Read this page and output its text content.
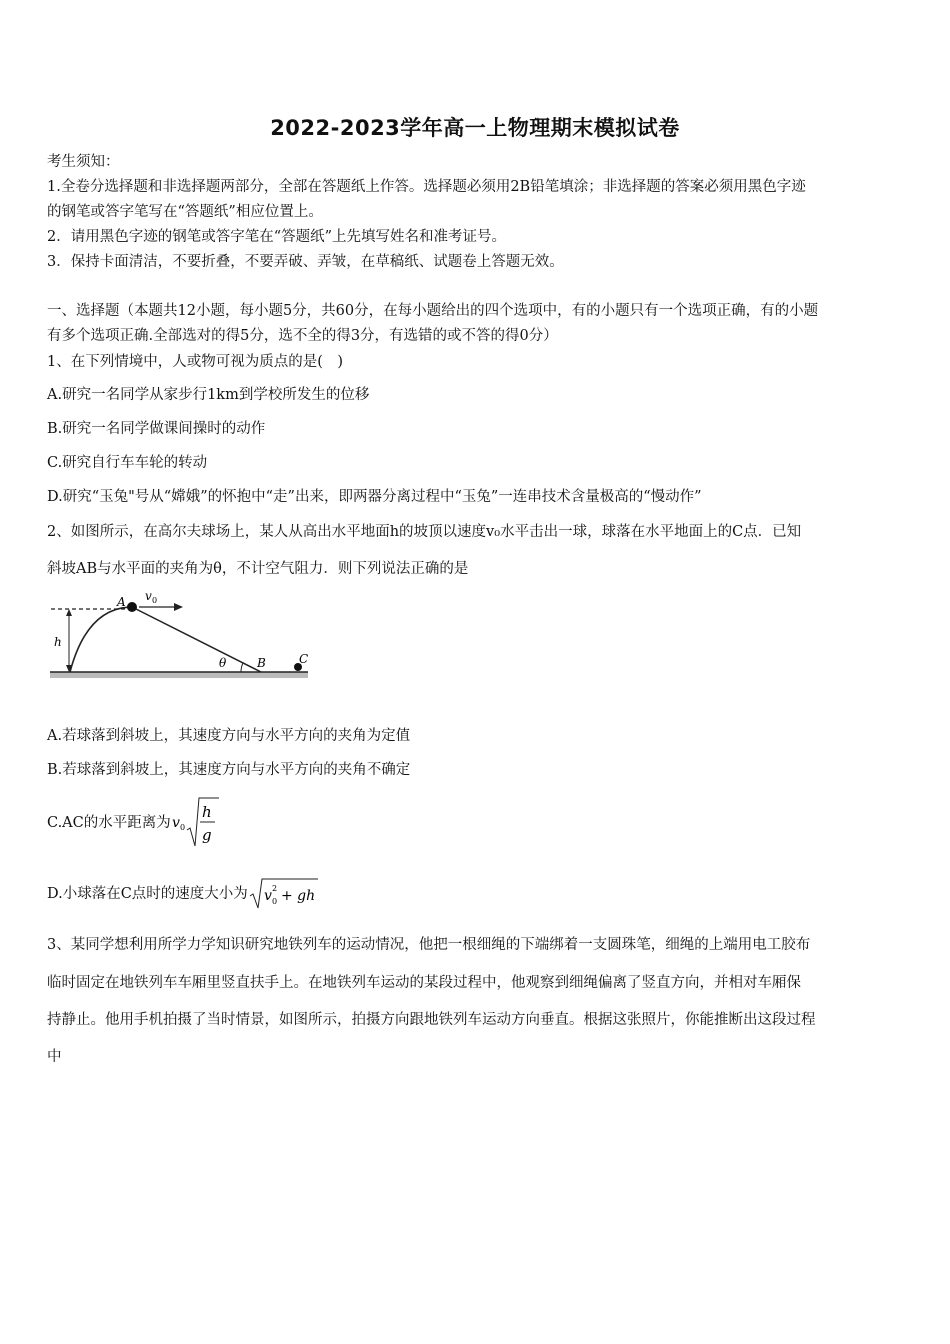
2022-2023学年高一上物理期末模拟试卷
考生须知：
1.全卷分选择题和非选择题两部分，全部在答题纸上作答。选择题必须用2B铅笔填涂；非选择题的答案必须用黑色字迹
的钢笔或答字笔写在“答题纸”相应位置上。
2．请用黑色字迹的钢笔或答字笔在“答题纸”上先填写姓名和准考证号。
3．保持卡面清洁，不要折叠，不要弄破、弄皱，在草稿纸、试题卷上答题无效。
一、选择题（本题共12小题，每小题5分，共60分，在每小题给出的四个选项中，有的小题只有一个选项正确，有的小题
有多个选项正确.全部选对的得5分，选不全的得3分，有选错的或不答的得0分）
1、在下列情境中，人或物可视为质点的是(　)
A.研究一名同学从家步行1km到学校所发生的位移
B.研究一名同学做课间操时的动作
C.研究自行车车轮的转动
D.研究“玉兔"号从“嫦娥”的怀抱中“走”出来，即两器分离过程中“玉兔”一连串技术含量极高的“慢动作”
2、如图所示，在高尔夫球场上，某人从高出水平地面h的坡顶以速度v₀水平击出一球，球落在水平地面上的C点．已知
斜坡AB与水平面的夹角为θ，不计空气阻力．则下列说法正确的是
A v 0
h
θ	B	C
A.若球落到斜坡上，其速度方向与水平方向的夹角为定值
B.若球落到斜坡上，其速度方向与水平方向的夹角不确定
C.AC的水平距离为 v 0
h
g
D.小球落在C点时的速度大小为 v 0
2 + gh
3、某同学想利用所学力学知识研究地铁列车的运动情况，他把一根细绳的下端绑着一支圆珠笔，细绳的上端用电工胶布
临时固定在地铁列车车厢里竖直扶手上。在地铁列车运动的某段过程中，他观察到细绳偏离了竖直方向，并相对车厢保
持静止。他用手机拍摄了当时情景，如图所示，拍摄方向跟地铁列车运动方向垂直。根据这张照片，你能推断出这段过程
中
